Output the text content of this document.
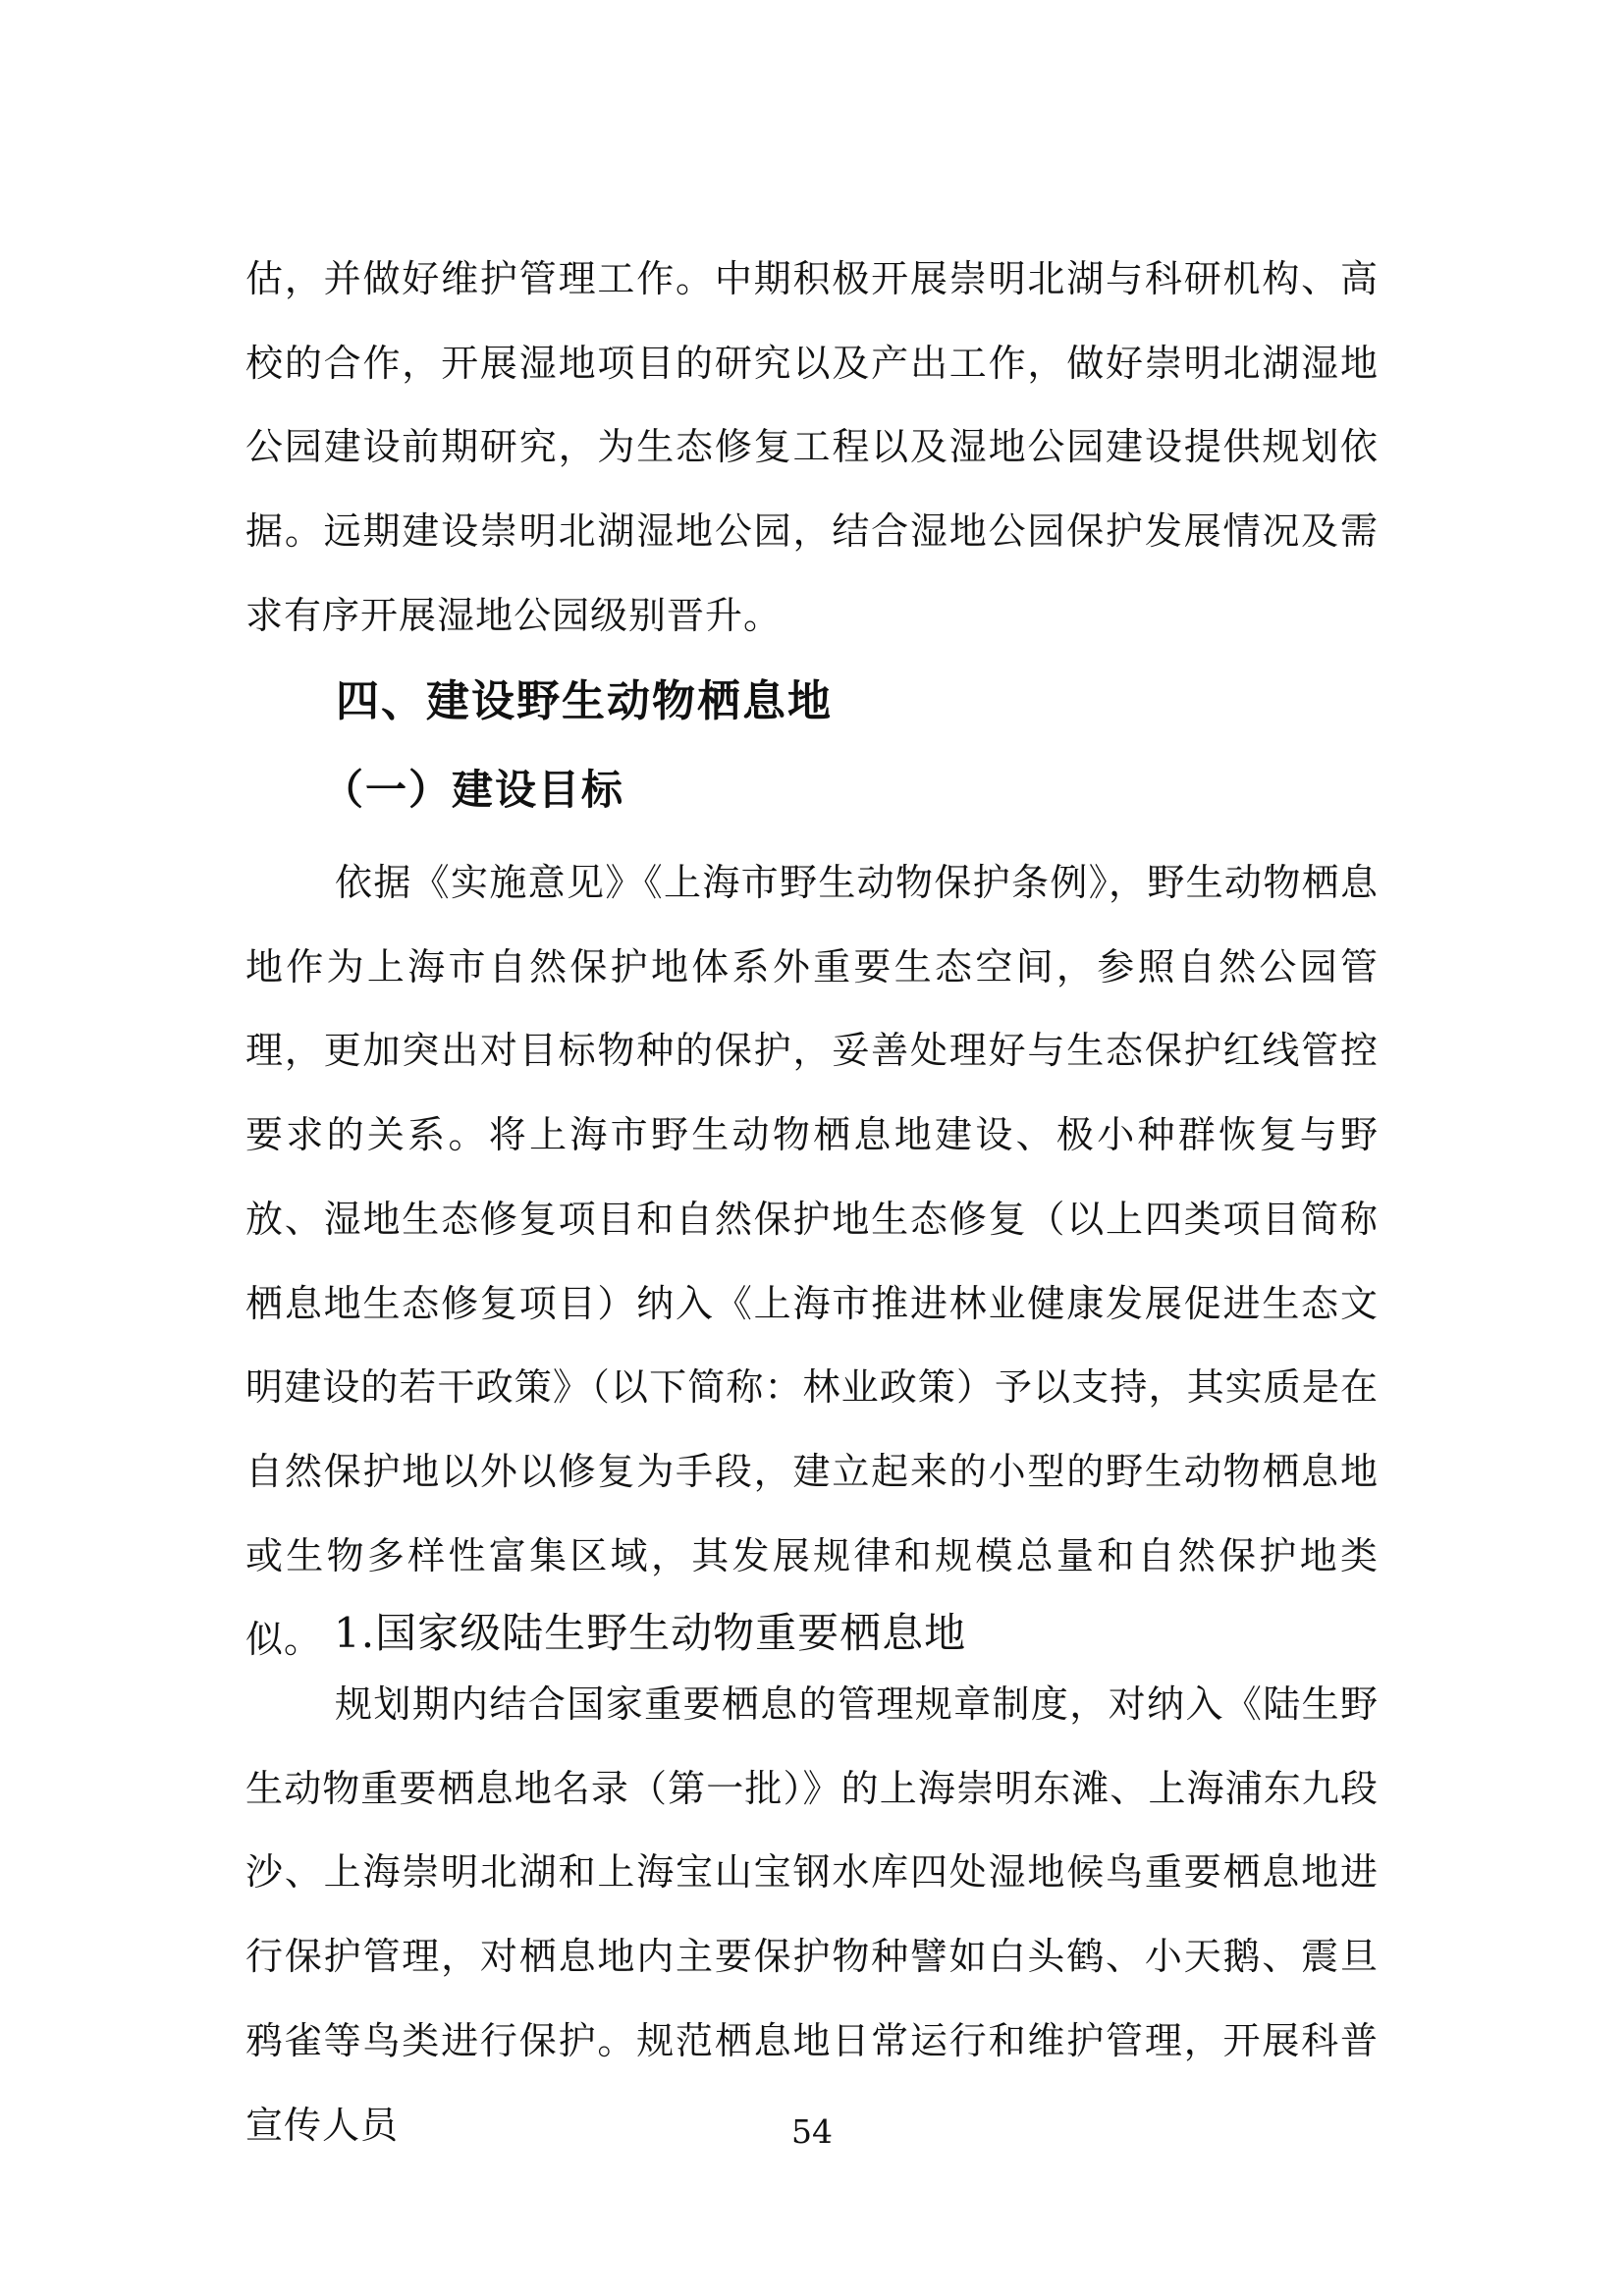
估，并做好维护管理工作。中期积极开展崇明北湖与科研机构、高校的合作，开展湿地项目的研究以及产出工作，做好崇明北湖湿地公园建设前期研究，为生态修复工程以及湿地公园建设提供规划依据。远期建设崇明北湖湿地公园，结合湿地公园保护发展情况及需求有序开展湿地公园级别晋升。

四、建设野生动物栖息地
（一）建设目标

依据《实施意见》《上海市野生动物保护条例》，野生动物栖息地作为上海市自然保护地体系外重要生态空间，参照自然公园管理，更加突出对目标物种的保护，妥善处理好与生态保护红线管控要求的关系。将上海市野生动物栖息地建设、极小种群恢复与野放、湿地生态修复项目和自然保护地生态修复（以上四类项目简称栖息地生态修复项目）纳入《上海市推进林业健康发展促进生态文明建设的若干政策》（以下简称：林业政策）予以支持，其实质是在自然保护地以外以修复为手段，建立起来的小型的野生动物栖息地或生物多样性富集区域，其发展规律和规模总量和自然保护地类似。 1.国家级陆生野生动物重要栖息地

规划期内结合国家重要栖息的管理规章制度，对纳入《陆生野生动物重要栖息地名录（第一批）》的上海崇明东滩、上海浦东九段沙、上海崇明北湖和上海宝山宝钢水库四处湿地候鸟重要栖息地进行保护管理，对栖息地内主要保护物种譬如白头鹤、小天鹅、震旦鸦雀等鸟类进行保护。规范栖息地日常运行和维护管理，开展科普宣传人员	54
